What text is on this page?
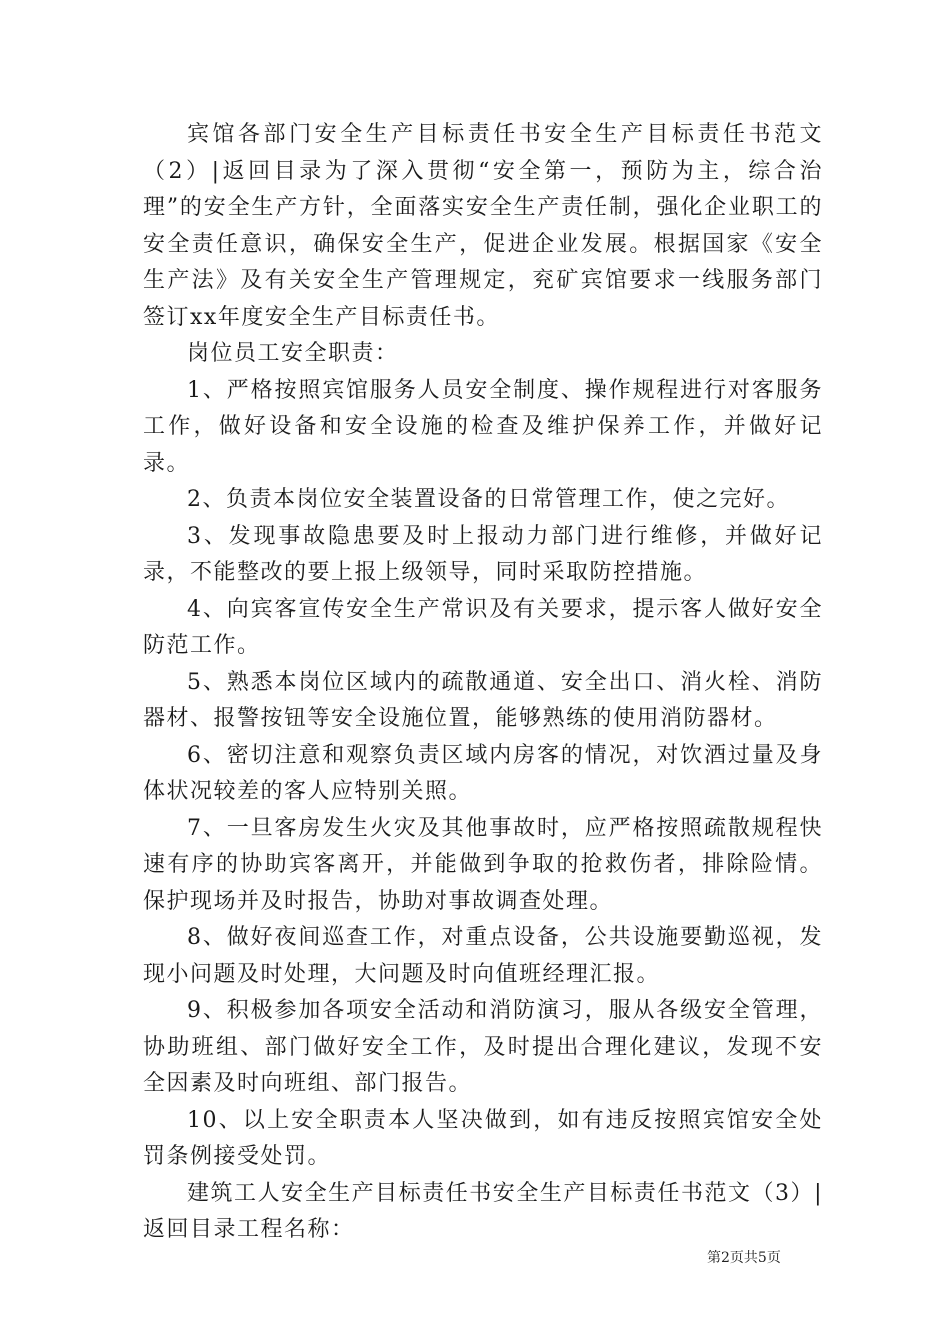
宾馆各部门安全生产目标责任书安全生产目标责任书范文（2）|返回目录为了深入贯彻“安全第一，预防为主，综合治理”的安全生产方针，全面落实安全生产责任制，强化企业职工的安全责任意识，确保安全生产，促进企业发展。根据国家《安全生产法》及有关安全生产管理规定，兖矿宾馆要求一线服务部门签订xx年度安全生产目标责任书。

岗位员工安全职责：

1、严格按照宾馆服务人员安全制度、操作规程进行对客服务工作，做好设备和安全设施的检查及维护保养工作，并做好记录。

2、负责本岗位安全装置设备的日常管理工作，使之完好。

3、发现事故隐患要及时上报动力部门进行维修，并做好记录，不能整改的要上报上级领导，同时采取防控措施。

4、向宾客宣传安全生产常识及有关要求，提示客人做好安全防范工作。

5、熟悉本岗位区域内的疏散通道、安全出口、消火栓、消防器材、报警按钮等安全设施位置，能够熟练的使用消防器材。

6、密切注意和观察负责区域内房客的情况，对饮酒过量及身体状况较差的客人应特别关照。

7、一旦客房发生火灾及其他事故时，应严格按照疏散规程快速有序的协助宾客离开，并能做到争取的抢救伤者，排除险情。保护现场并及时报告，协助对事故调查处理。

8、做好夜间巡查工作，对重点设备，公共设施要勤巡视，发现小问题及时处理，大问题及时向值班经理汇报。

9、积极参加各项安全活动和消防演习，服从各级安全管理，协助班组、部门做好安全工作，及时提出合理化建议，发现不安全因素及时向班组、部门报告。

10、以上安全职责本人坚决做到，如有违反按照宾馆安全处罚条例接受处罚。

建筑工人安全生产目标责任书安全生产目标责任书范文（3）|返回目录工程名称：

第2页共5页
